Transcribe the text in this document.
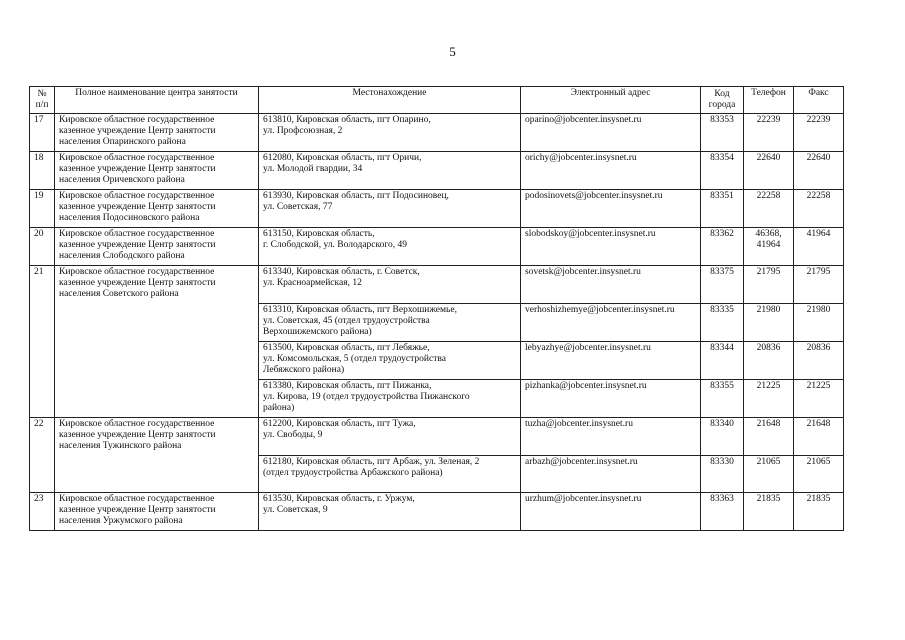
5
№
п/п	Полное наименование центра занятости	Местонахождение	Электронный адрес	Код
города	Телефон	Факс

17	Кировское областное государственное
казенное учреждение Центр занятости
населения Опаринского района	613810, Кировская область, пгт Опарино,
ул. Профсоюзная, 2	oparino@jobcenter.insysnet.ru	83353	22239	22239
18	Кировское областное государственное
казенное учреждение Центр занятости
населения Оричевского района	612080, Кировская область, пгт Оричи,
ул. Молодой гвардии, 34	orichy@jobcenter.insysnet.ru	83354	22640	22640
19	Кировское областное государственное
казенное учреждение Центр занятости
населения Подосиновского района	613930, Кировская область, пгт Подосиновец,
ул. Советская, 77	podosinovets@jobcenter.insysnet.ru	83351	22258	22258
20	Кировское областное государственное
казенное учреждение Центр занятости
населения Слободского района	613150, Кировская область,
г. Слободской, ул. Володарского, 49	slobodskoy@jobcenter.insysnet.ru	83362	46368,
41964	41964
21	Кировское областное государственное
казенное учреждение Центр занятости
населения Советского района	613340, Кировская область, г. Советск,
ул. Красноармейская, 12	sovetsk@jobcenter.insysnet.ru	83375	21795	21795

		613310, Кировская область, пгт Верхошижемье,
ул. Советская, 45 (отдел трудоустройства
Верхошижемского района)	verhoshizhemye@jobcenter.insysnet.ru	83335	21980	21980

		613500, Кировская область, пгт Лебяжье,
ул. Комсомольская, 5 (отдел трудоустройства
Лебяжского района)	lebyazhye@jobcenter.insysnet.ru	83344	20836	20836

		613380, Кировская область, пгт Пижанка,
ул. Кирова, 19 (отдел трудоустройства Пижанского
района)	pizhanka@jobcenter.insysnet.ru	83355	21225	21225
22	Кировское областное государственное
казенное учреждение Центр занятости
населения Тужинского района	612200, Кировская область, пгт Тужа,
ул. Свободы, 9	tuzha@jobcenter.insysnet.ru	83340	21648	21648

		612180, Кировская область, пгт Арбаж, ул. Зеленая, 2
(отдел трудоустройства Арбажского района)	arbazh@jobcenter.insysnet.ru	83330	21065	21065
23	Кировское областное государственное
казенное учреждение Центр занятости
населения Уржумского района	613530, Кировская область, г. Уржум,
ул. Советская, 9	urzhum@jobcenter.insysnet.ru	83363	21835	21835
